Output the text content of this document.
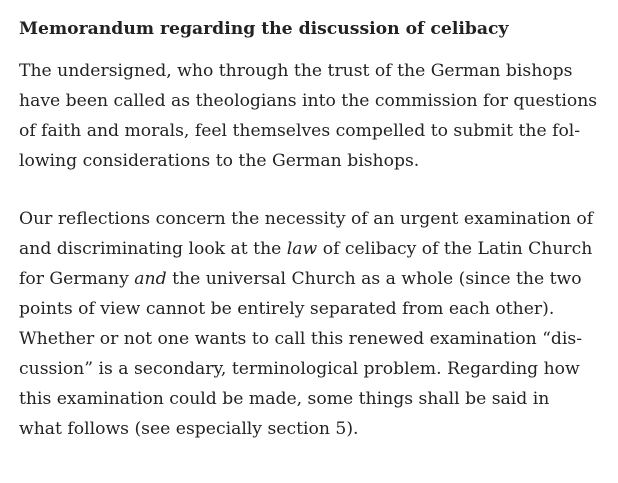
Memorandum regarding the discussion of celibacy

The undersigned, who through the trust of the German bishops
have been called as theologians into the commission for questions
of faith and morals, feel themselves compelled to submit the fol-
lowing considerations to the German bishops.

Our reflections concern the necessity of an urgent examination of
and discriminating look at the law of celibacy of the Latin Church
for Germany and the universal Church as a whole (since the two
points of view cannot be entirely separated from each other).
Whether or not one wants to call this renewed examination “dis-
cussion” is a secondary, terminological problem. Regarding how
this examination could be made, some things shall be said in
what follows (see especially section 5).
